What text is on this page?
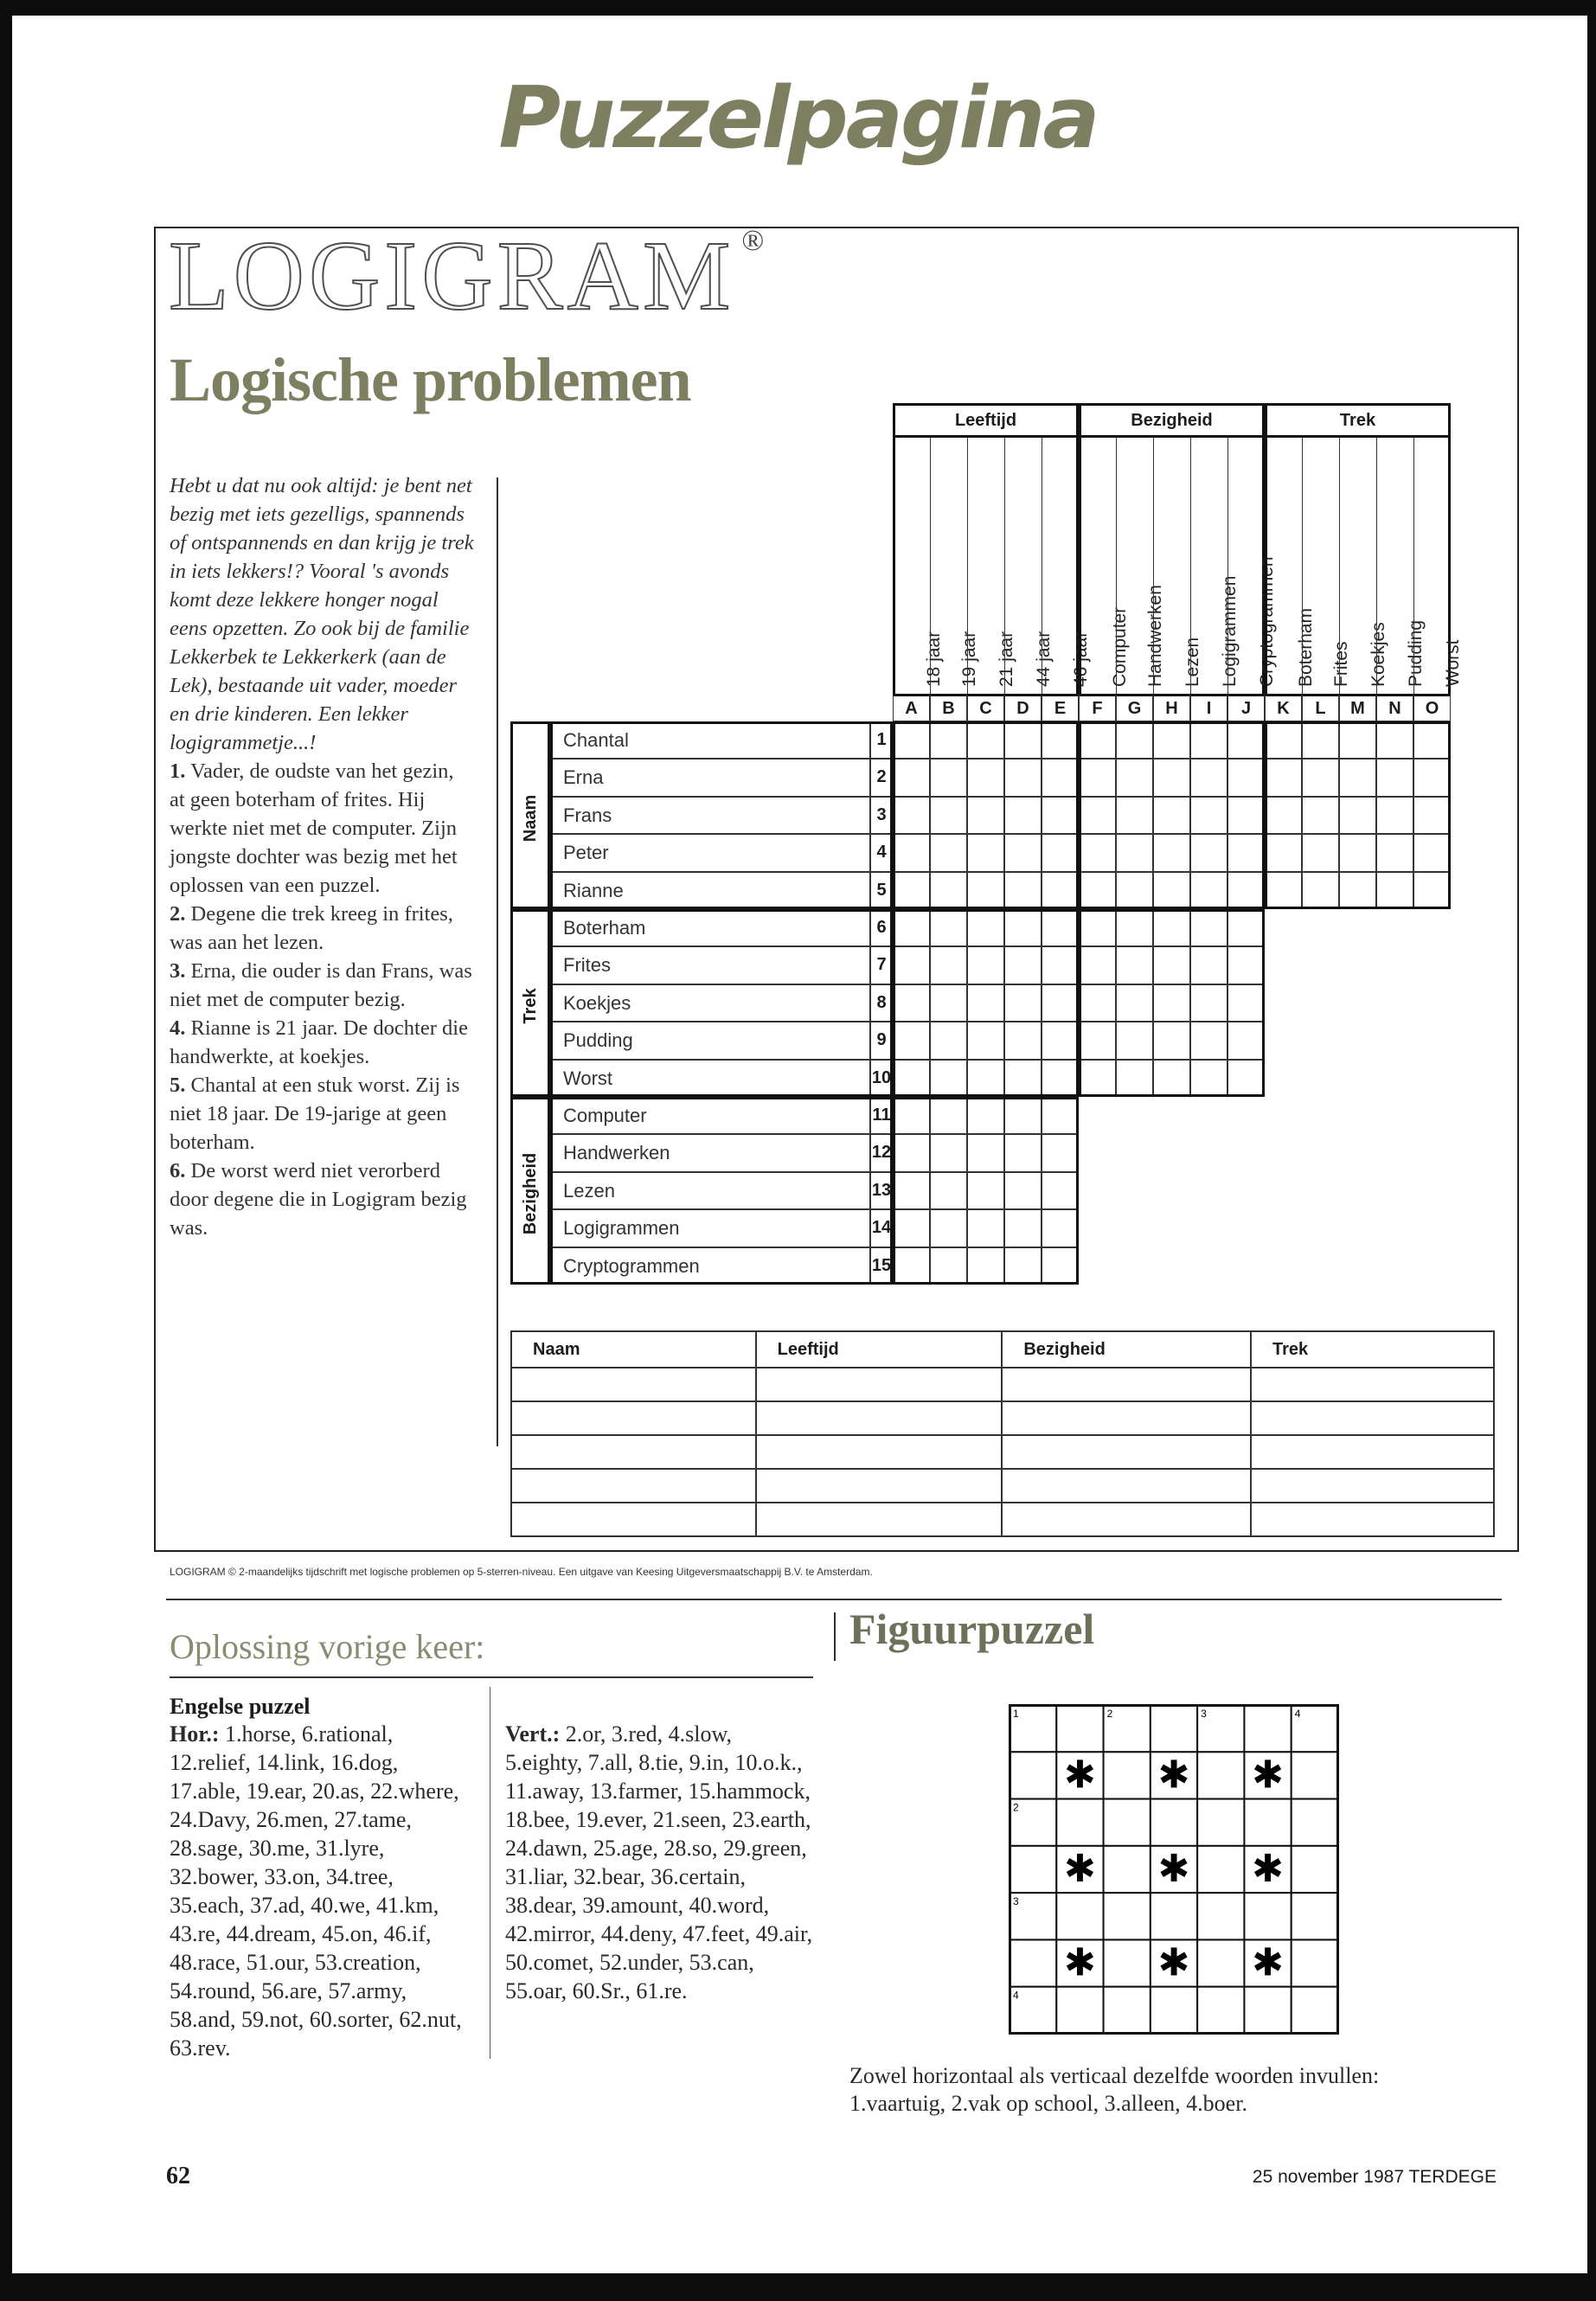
Puzzelpagina
LOGIGRAM ®
Logische problemen
Hebt u dat nu ook altijd: je bent net bezig met iets gezelligs, spannends of ontspannends en dan krijg je trek in iets lekkers!? Vooral 's avonds komt deze lekkere honger nogal eens opzetten. Zo ook bij de familie Lekkerbek te Lekkerkerk (aan de Lek), bestaande uit vader, moeder en drie kinderen. Een lekker logigrammetje...!
1. Vader, de oudste van het gezin, at geen boterham of frites. Hij werkte niet met de computer. Zijn jongste dochter was bezig met het oplossen van een puzzel.
2. Degene die trek kreeg in frites, was aan het lezen.
3. Erna, die ouder is dan Frans, was niet met de computer bezig.
4. Rianne is 21 jaar. De dochter die handwerkte, at koekjes.
5. Chantal at een stuk worst. Zij is niet 18 jaar. De 19-jarige at geen boterham.
6. De worst werd niet verorberd door degene die in Logigram bezig was.
Leeftijd
18 jaar 19 jaar 21 jaar 44 jaar 46 jaar
Bezigheid
Computer Handwerken Lezen Logigrammen Cryptogrammen
Trek
Boterham Frites Koekjes Pudding Worst
A	B	C	D	E	F	G	H	I	J	K	L	M	N	O
Naam
Chantal	1
Erna	2
Frans	3
Peter	4
Rianne	5
Trek
Boterham	6
Frites	7
Koekjes	8
Pudding	9
Worst	10
Bezigheid
Computer	11
Handwerken	12
Lezen	13
Logigrammen	14
Cryptogrammen	15
Naam	Leeftijd	Bezigheid	Trek

LOGIGRAM © 2-maandelijks tijdschrift met logische problemen op 5-sterren-niveau. Een uitgave van Keesing Uitgeversmaatschappij B.V. te Amsterdam.
Oplossing vorige keer:
Engelse puzzel
Hor.: 1.horse, 6.rational, 12.relief, 14.link, 16.dog, 17.able, 19.ear, 20.as, 22.where, 24.Davy, 26.men, 27.tame, 28.sage, 30.me, 31.lyre, 32.bower, 33.on, 34.tree, 35.each, 37.ad, 40.we, 41.km, 43.re, 44.dream, 45.on, 46.if, 48.race, 51.our, 53.creation, 54.round, 56.are, 57.army, 58.and, 59.not, 60.sorter, 62.nut, 63.rev.
Vert.: 2.or, 3.red, 4.slow, 5.eighty, 7.all, 8.tie, 9.in, 10.o.k., 11.away, 13.farmer, 15.hammock, 18.bee, 19.ever, 21.seen, 23.earth, 24.dawn, 25.age, 28.so, 29.green, 31.liar, 32.bear, 36.certain, 38.dear, 39.amount, 40.word, 42.mirror, 44.deny, 47.feet, 49.air, 50.comet, 52.under, 53.can, 55.oar, 60.Sr., 61.re.
Figuurpuzzel
1	2	3	4
2
3
4
✱ ✱ ✱
✱ ✱ ✱
✱ ✱ ✱
Zowel horizontaal als verticaal dezelfde woorden invullen:
1.vaartuig, 2.vak op school, 3.alleen, 4.boer.
62	25 november 1987 TERDEGE
